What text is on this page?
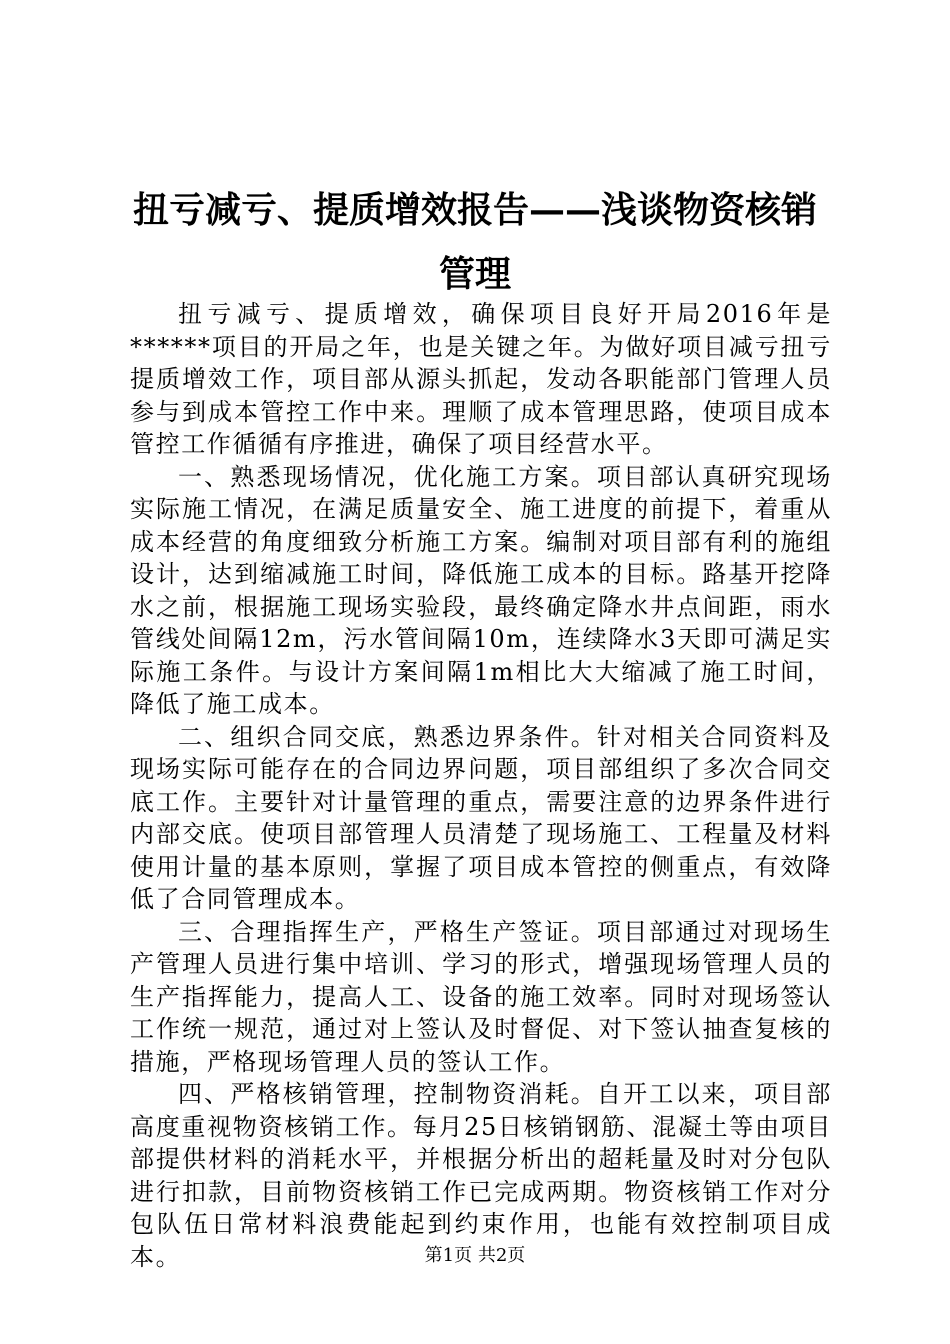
扭亏减亏、提质增效报告——浅谈物资核销管理

扭亏减亏、提质增效，确保项目良好开局2016年是******项目的开局之年，也是关键之年。为做好项目减亏扭亏提质增效工作，项目部从源头抓起，发动各职能部门管理人员参与到成本管控工作中来。理顺了成本管理思路，使项目成本管控工作循循有序推进，确保了项目经营水平。

一、熟悉现场情况，优化施工方案。项目部认真研究现场实际施工情况，在满足质量安全、施工进度的前提下，着重从成本经营的角度细致分析施工方案。编制对项目部有利的施组设计，达到缩减施工时间，降低施工成本的目标。路基开挖降水之前，根据施工现场实验段，最终确定降水井点间距，雨水管线处间隔12m，污水管间隔10m，连续降水3天即可满足实际施工条件。与设计方案间隔1m相比大大缩减了施工时间，降低了施工成本。

二、组织合同交底，熟悉边界条件。针对相关合同资料及现场实际可能存在的合同边界问题，项目部组织了多次合同交底工作。主要针对计量管理的重点，需要注意的边界条件进行内部交底。使项目部管理人员清楚了现场施工、工程量及材料使用计量的基本原则，掌握了项目成本管控的侧重点，有效降低了合同管理成本。

三、合理指挥生产，严格生产签证。项目部通过对现场生产管理人员进行集中培训、学习的形式，增强现场管理人员的生产指挥能力，提高人工、设备的施工效率。同时对现场签认工作统一规范，通过对上签认及时督促、对下签认抽查复核的措施，严格现场管理人员的签认工作。

四、严格核销管理，控制物资消耗。自开工以来，项目部高度重视物资核销工作。每月25日核销钢筋、混凝土等由项目部提供材料的消耗水平，并根据分析出的超耗量及时对分包队进行扣款，目前物资核销工作已完成两期。物资核销工作对分包队伍日常材料浪费能起到约束作用，也能有效控制项目成本。	第1页 共2页
